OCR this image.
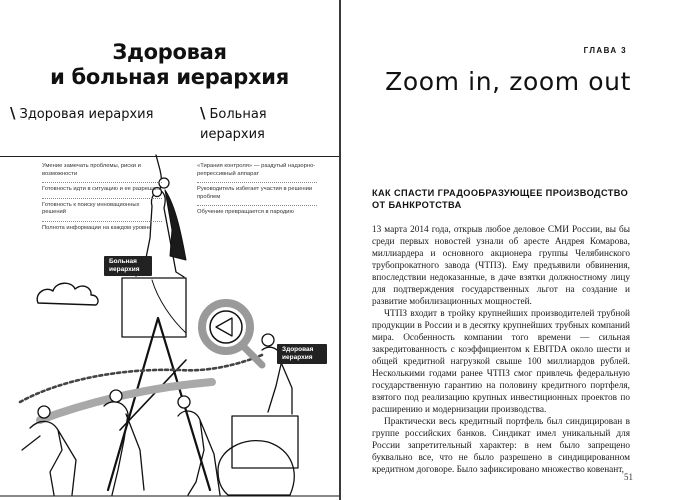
Здоровая
и больная иерархия
\ Здоровая иерархия	\ Больная иерархия
Умение замечать проблемы, риски и возможности
Готовность идти в ситуацию и ее разрешать
Готовность к поиску инновационных решений
Полнота информации на каждом уровне
«Тирания контроля» — раздутый надзорно-репрессивный аппарат
Руководитель избегает участия в решении проблем
Обучение превращается в пародию
Больная иерархия
Здоровая иерархия
ГЛАВА 3
Zoom in, zoom out
КАК СПАСТИ ГРАДООБРАЗУЮЩЕЕ ПРОИЗВОДСТВО ОТ БАНКРОТСТВА

13 марта 2014 года, открыв любое деловое СМИ России, вы бы среди первых новостей узнали об аресте Андрея Комарова, миллиардера и основного акционера группы Челябинского трубопрокатного завода (ЧТПЗ). Ему предъявили обвинения, впоследствии недоказанные, в даче взятки должностному лицу для подтверждения государственных льгот на создание и развитие мобилизационных мощностей.

ЧТПЗ входит в тройку крупнейших производителей трубной продукции в России и в десятку крупнейших трубных компаний мира. Особенность компании того времени — сильная закредитованность с коэффициентом к EBITDA около шести и общей кредитной нагрузкой свыше 100 миллиардов рублей. Несколькими годами ранее ЧТПЗ смог привлечь федеральную государственную гарантию на половину кредитного портфеля, взятого под реализацию крупных инвестиционных проектов по расширению и модернизации производства.

Практически весь кредитный портфель был синдицирован в группе российских банков. Синдикат имел уникальный для России запретительный характер: в нем было запрещено буквально все, что не было разрешено в синдицированном кредитном договоре. Было зафиксировано множество ковенант,

51
